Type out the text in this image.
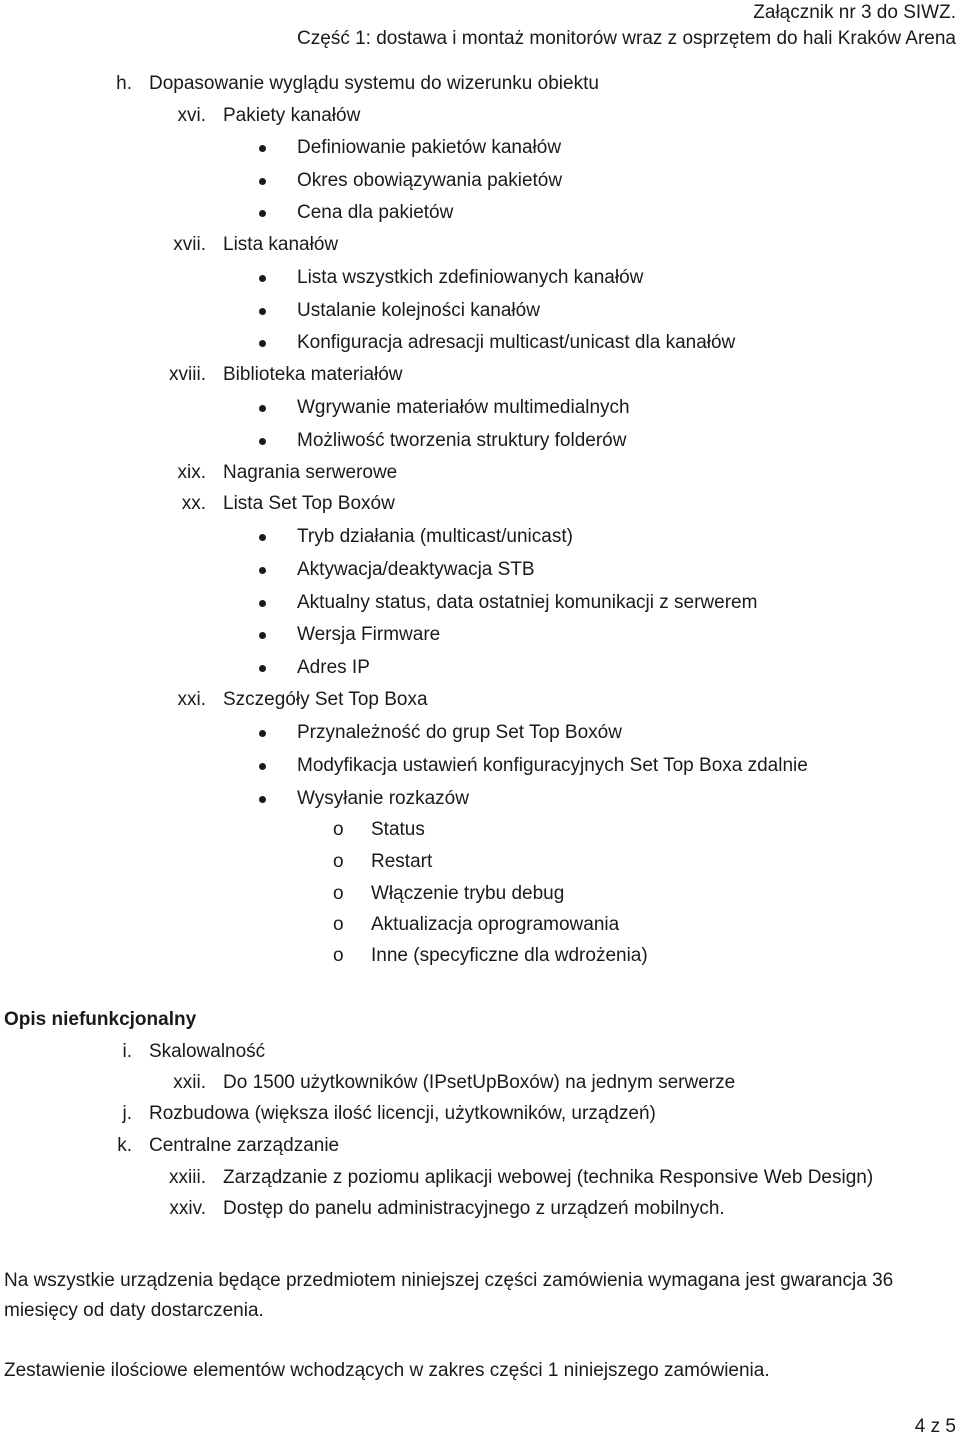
Załącznik nr 3 do SIWZ.
Część 1: dostawa i montaż monitorów wraz z osprzętem do hali Kraków Arena
h. Dopasowanie wyglądu systemu do wizerunku obiektu
xvi. Pakiety kanałów
Definiowanie pakietów kanałów
Okres obowiązywania pakietów
Cena dla pakietów
xvii. Lista kanałów
Lista wszystkich zdefiniowanych kanałów
Ustalanie kolejności kanałów
Konfiguracja adresacji multicast/unicast dla kanałów
xviii. Biblioteka materiałów
Wgrywanie materiałów multimedialnych
Możliwość tworzenia struktury folderów
xix. Nagrania serwerowe
xx. Lista Set Top Boxów
Tryb działania (multicast/unicast)
Aktywacja/deaktywacja STB
Aktualny status, data ostatniej komunikacji z serwerem
Wersja Firmware
Adres IP
xxi. Szczegóły Set Top Boxa
Przynależność do grup Set Top Boxów
Modyfikacja ustawień konfiguracyjnych Set Top Boxa zdalnie
Wysyłanie rozkazów
o Status
o Restart
o Włączenie trybu debug
o Aktualizacja oprogramowania
o Inne (specyficzne dla wdrożenia)
Opis niefunkcjonalny
i. Skalowalność
xxii. Do 1500 użytkowników (IPsetUpBoxów) na jednym serwerze
j. Rozbudowa (większa ilość licencji, użytkowników, urządzeń)
k. Centralne zarządzanie
xxiii. Zarządzanie z poziomu aplikacji webowej (technika Responsive Web Design)
xxiv. Dostęp do panelu administracyjnego z urządzeń mobilnych.
Na wszystkie urządzenia będące przedmiotem niniejszej części zamówienia wymagana jest gwarancja 36 miesięcy od daty dostarczenia.
Zestawienie ilościowe elementów wchodzących w zakres części 1 niniejszego zamówienia.
4 z 5
